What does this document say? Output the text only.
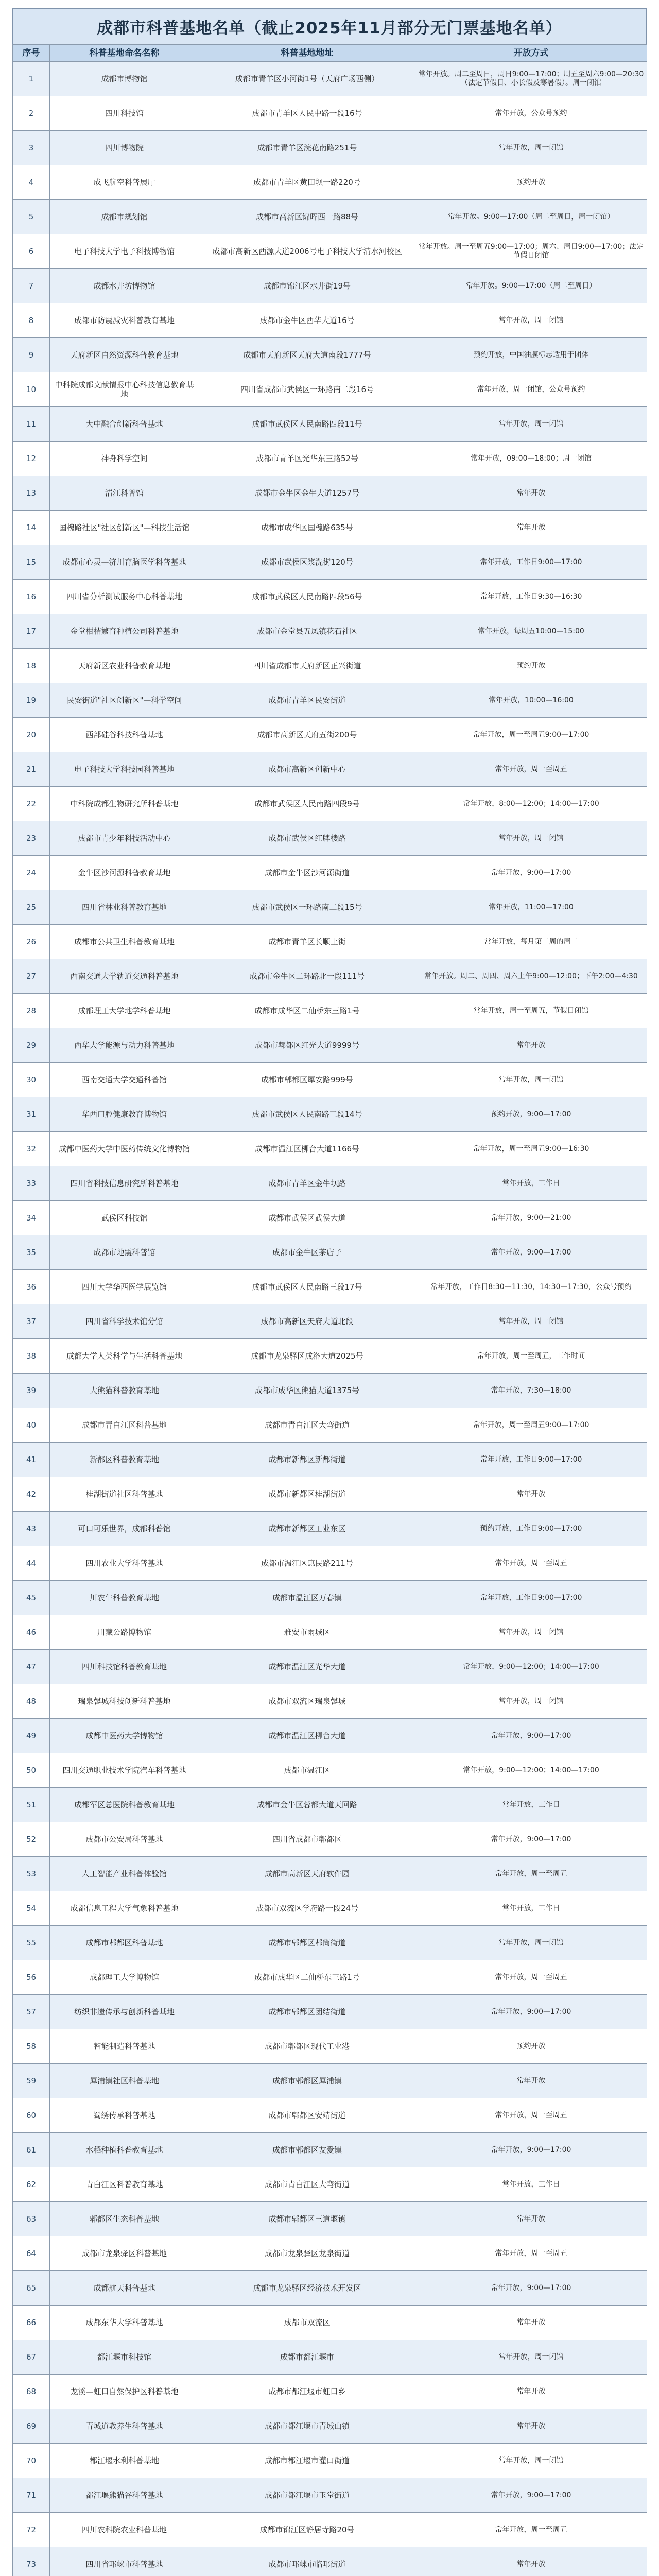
成都市科普基地名单（截止2025年11月部分无门票基地名单）
序号	科普基地命名名称	科普基地地址	开放方式
1	成都市博物馆	成都市青羊区小河街1号（天府广场西侧）	常年开放。周二至周日，周日9:00—17:00；周五至周六9:00—20:30（法定节假日、小长假及寒暑假）。周一闭馆
2	四川科技馆	成都市青羊区人民中路一段16号	常年开放，公众号预约
3	四川博物院	成都市青羊区浣花南路251号	常年开放，周一闭馆
4	成飞航空科普展厅	成都市青羊区黄田坝一路220号	预约开放
5	成都市规划馆	成都市高新区锦晖西一路88号	常年开放。9:00—17:00（周二至周日，周一闭馆）
6	电子科技大学电子科技博物馆	成都市高新区西源大道2006号电子科技大学清水河校区	常年开放。周一至周五9:00—17:00；周六、周日9:00—17:00；法定节假日闭馆
7	成都水井坊博物馆	成都市锦江区水井街19号	常年开放。9:00—17:00（周二至周日）
8	成都市防震减灾科普教育基地	成都市金牛区西华大道16号	常年开放，周一闭馆
9	天府新区自然资源科普教育基地	成都市天府新区天府大道南段1777号	预约开放，中国油膜标志适用于团体
10	中科院成都文献情报中心科技信息教育基地	四川省成都市武侯区一环路南二段16号	常年开放，周一闭馆，公众号预约
11	大中融合创新科普基地	成都市武侯区人民南路四段11号	常年开放，周一闭馆
12	神舟科学空间	成都市青羊区光华东三路52号	常年开放，09:00—18:00；周一闭馆
13	清江科普馆	成都市金牛区金牛大道1257号	常年开放
14	国槐路社区"社区创新区"—科技生活馆	成都市成华区国槐路635号	常年开放
15	成都市心灵—济川育脑医学科普基地	成都市武侯区浆洗街120号	常年开放，工作日9:00—17:00
16	四川省分析测试服务中心科普基地	成都市武侯区人民南路四段56号	常年开放，工作日9:30—16:30
17	金堂柑桔繁育种植公司科普基地	成都市金堂县五凤镇花石社区	常年开放，每周五10:00—15:00
18	天府新区农业科普教育基地	四川省成都市天府新区正兴街道	预约开放
19	民安街道"社区创新区"—科学空间	成都市青羊区民安街道	常年开放，10:00—16:00
20	西部硅谷科技科普基地	成都市高新区天府五街200号	常年开放，周一至周五9:00—17:00
21	电子科技大学科技园科普基地	成都市高新区创新中心	常年开放，周一至周五
22	中科院成都生物研究所科普基地	成都市武侯区人民南路四段9号	常年开放，8:00—12:00；14:00—17:00
23	成都市青少年科技活动中心	成都市武侯区红牌楼路	常年开放，周一闭馆
24	金牛区沙河源科普教育基地	成都市金牛区沙河源街道	常年开放，9:00—17:00
25	四川省林业科普教育基地	成都市武侯区一环路南二段15号	常年开放，11:00—17:00
26	成都市公共卫生科普教育基地	成都市青羊区长顺上街	常年开放，每月第二周的周二
27	西南交通大学轨道交通科普基地	成都市金牛区二环路北一段111号	常年开放。周二、周四、周六上午9:00—12:00；下午2:00—4:30
28	成都理工大学地学科普基地	成都市成华区二仙桥东三路1号	常年开放，周一至周五，节假日闭馆
29	西华大学能源与动力科普基地	成都市郫都区红光大道9999号	常年开放
30	西南交通大学交通科普馆	成都市郫都区犀安路999号	常年开放，周一闭馆
31	华西口腔健康教育博物馆	成都市武侯区人民南路三段14号	预约开放，9:00—17:00
32	成都中医药大学中医药传统文化博物馆	成都市温江区柳台大道1166号	常年开放，周一至周五9:00—16:30
33	四川省科技信息研究所科普基地	成都市青羊区金牛坝路	常年开放，工作日
34	武侯区科技馆	成都市武侯区武侯大道	常年开放，9:00—21:00
35	成都市地震科普馆	成都市金牛区茶店子	常年开放，9:00—17:00
36	四川大学华西医学展览馆	成都市武侯区人民南路三段17号	常年开放，工作日8:30—11:30，14:30—17:30，公众号预约
37	四川省科学技术馆分馆	成都市高新区天府大道北段	常年开放，周一闭馆
38	成都大学人类科学与生活科普基地	成都市龙泉驿区成洛大道2025号	常年开放，周一至周五，工作时间
39	大熊猫科普教育基地	成都市成华区熊猫大道1375号	常年开放，7:30—18:00
40	成都市青白江区科普基地	成都市青白江区大弯街道	常年开放，周一至周五9:00—17:00
41	新都区科普教育基地	成都市新都区新都街道	常年开放，工作日9:00—17:00
42	桂湖街道社区科普基地	成都市新都区桂湖街道	常年开放
43	可口可乐世界，成都科普馆	成都市新都区工业东区	预约开放，工作日9:00—17:00
44	四川农业大学科普基地	成都市温江区惠民路211号	常年开放，周一至周五
45	川农牛科普教育基地	成都市温江区万春镇	常年开放，工作日9:00—17:00
46	川藏公路博物馆	雅安市雨城区	常年开放，周一闭馆
47	四川科技馆科普教育基地	成都市温江区光华大道	常年开放，9:00—12:00；14:00—17:00
48	瑞泉馨城科技创新科普基地	成都市双流区瑞泉馨城	常年开放，周一闭馆
49	成都中医药大学博物馆	成都市温江区柳台大道	常年开放，9:00—17:00
50	四川交通职业技术学院汽车科普基地	成都市温江区	常年开放，9:00—12:00；14:00—17:00
51	成都军区总医院科普教育基地	成都市金牛区蓉都大道天回路	常年开放，工作日
52	成都市公安局科普基地	四川省成都市郫都区	常年开放，9:00—17:00
53	人工智能产业科普体验馆	成都市高新区天府软件园	常年开放，周一至周五
54	成都信息工程大学气象科普基地	成都市双流区学府路一段24号	常年开放，工作日
55	成都市郫都区科普基地	成都市郫都区郫筒街道	常年开放，周一闭馆
56	成都理工大学博物馆	成都市成华区二仙桥东三路1号	常年开放，周一至周五
57	纺织非遗传承与创新科普基地	成都市郫都区团结街道	常年开放，9:00—17:00
58	智能制造科普基地	成都市郫都区现代工业港	预约开放
59	犀浦镇社区科普基地	成都市郫都区犀浦镇	常年开放
60	蜀绣传承科普基地	成都市郫都区安靖街道	常年开放，周一至周五
61	水稻种植科普教育基地	成都市郫都区友爱镇	常年开放，9:00—17:00
62	青白江区科普教育基地	成都市青白江区大弯街道	常年开放，工作日
63	郫都区生态科普基地	成都市郫都区三道堰镇	常年开放
64	成都市龙泉驿区科普基地	成都市龙泉驿区龙泉街道	常年开放，周一至周五
65	成都航天科普基地	成都市龙泉驿区经济技术开发区	常年开放，9:00—17:00
66	成都东华大学科普基地	成都市双流区	常年开放
67	都江堰市科技馆	成都市都江堰市	常年开放，周一闭馆
68	龙溪—虹口自然保护区科普基地	成都市都江堰市虹口乡	常年开放
69	青城道教养生科普基地	成都市都江堰市青城山镇	常年开放
70	都江堰水利科普基地	成都市都江堰市灌口街道	常年开放，周一闭馆
71	都江堰熊猫谷科普基地	成都市都江堰市玉堂街道	常年开放，9:00—17:00
72	四川农科院农业科普基地	成都市锦江区静居寺路20号	常年开放，周一至周五
73	四川省邛崃市科普基地	成都市邛崃市临邛街道	常年开放
